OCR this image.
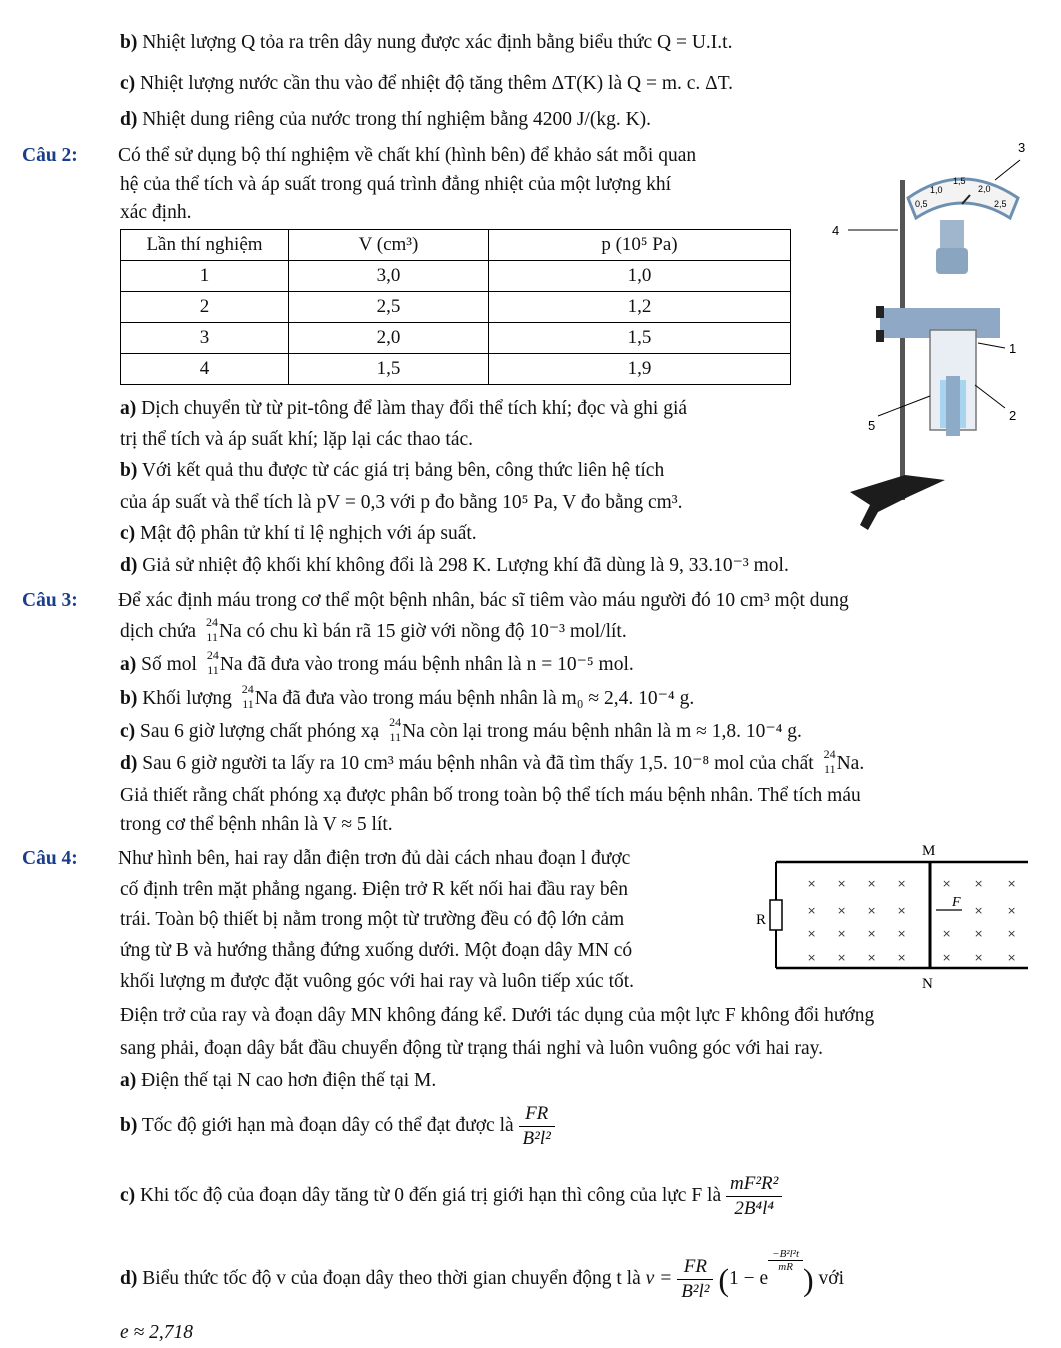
b) Nhiệt lượng Q tỏa ra trên dây nung được xác định bằng biểu thức Q = U.I.t.
c) Nhiệt lượng nước cần thu vào để nhiệt độ tăng thêm ΔT(K) là Q = m. c. ΔT.
d) Nhiệt dung riêng của nước trong thí nghiệm bằng 4200 J/(kg. K).
Câu 2: Có thể sử dụng bộ thí nghiệm về chất khí (hình bên) để khảo sát mỗi quan
hệ của thể tích và áp suất trong quá trình đẳng nhiệt của một lượng khí
xác định.
Lần thí nghiệm	V (cm³)	p (10⁵ Pa)
1	3,0	1,0
2	2,5	1,2
3	2,0	1,5
4	1,5	1,9
a) Dịch chuyển từ từ pit-tông để làm thay đổi thể tích khí; đọc và ghi giá
trị thể tích và áp suất khí; lặp lại các thao tác.
b) Với kết quả thu được từ các giá trị bảng bên, công thức liên hệ tích
của áp suất và thể tích là pV = 0,3 với p đo bằng 10⁵ Pa, V đo bằng cm³.
c) Mật độ phân tử khí tỉ lệ nghịch với áp suất.
d) Giả sử nhiệt độ khối khí không đổi là 298 K. Lượng khí đã dùng là 9, 33.10⁻³ mol.
0,5
1,0
1,5
2,0
2,5
1
2
3
4
5
Câu 3: Để xác định máu trong cơ thể một bệnh nhân, bác sĩ tiêm vào máu người đó 10 cm³ một dung
dịch chứa 24
11 Na có chu kì bán rã 15 giờ với nồng độ 10⁻³ mol/lít.
a) Số mol 24
11 Na đã đưa vào trong máu bệnh nhân là n = 10⁻⁵ mol.
b) Khối lượng 24
11 Na đã đưa vào trong máu bệnh nhân là m₀ ≈ 2,4. 10⁻⁴ g.
c) Sau 6 giờ lượng chất phóng xạ 24
11 Na còn lại trong máu bệnh nhân là m ≈ 1,8. 10⁻⁴ g.
d) Sau 6 giờ người ta lấy ra 10 cm³ máu bệnh nhân và đã tìm thấy 1,5. 10⁻⁸ mol của chất 24
11 Na.
Giả thiết rằng chất phóng xạ được phân bố trong toàn bộ thể tích máu bệnh nhân. Thể tích máu
trong cơ thể bệnh nhân là V ≈ 5 lít.
Câu 4: Như hình bên, hai ray dẫn điện trơn đủ dài cách nhau đoạn l được
cố định trên mặt phẳng ngang. Điện trở R kết nối hai đầu ray bên
trái. Toàn bộ thiết bị nằm trong một từ trường đều có độ lớn cảm
ứng từ B và hướng thẳng đứng xuống dưới. Một đoạn dây MN có
khối lượng m được đặt vuông góc với hai ray và luôn tiếp xúc tốt.
Điện trở của ray và đoạn dây MN không đáng kể. Dưới tác dụng của một lực F không đổi hướng
sang phải, đoạn dây bắt đầu chuyển động từ trạng thái nghỉ và luôn vuông góc với hai ray.
a) Điện thế tại N cao hơn điện thế tại M.
b) Tốc độ giới hạn mà đoạn dây có thể đạt được là $\frac{FR}{\text{B²l²}}$
c) Khi tốc độ của đoạn dây tăng từ 0 đến giá trị giới hạn thì công của lực F là $\frac{\text{mF²R²}}{\text{2B⁴l⁴}}$
d) Biểu thức tốc độ v của đoạn dây theo thời gian chuyển động t là $v = \frac{FR}{\text{B²l²}} (1 - e$
$\frac{\text{−B²l²t}}{mR}$
) với
e ≈ 2,718
M
N
R
F
× × × ×	× × ×
× × × ×	× ×
× × × ×	× × ×
× × × ×	× × ×
